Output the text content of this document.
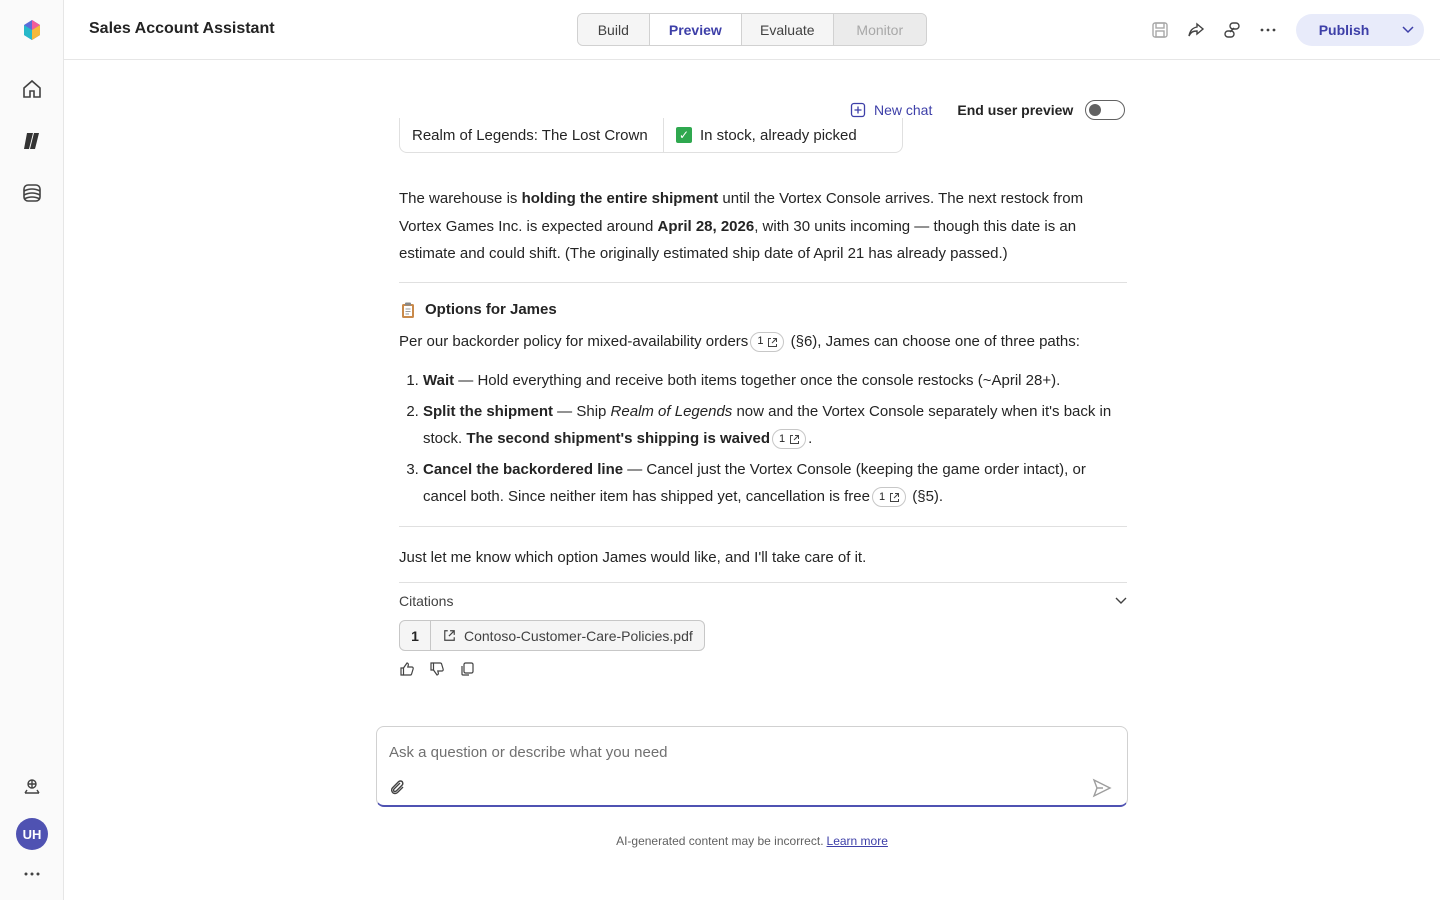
UH
Sales Account Assistant	Build	Preview	Evaluate	Monitor	Publish
New chat End user preview
Realm of Legends: The Lost Crown	✓ In stock, already picked
The warehouse is holding the entire shipment until the Vortex Console arrives. The next restock from Vortex Games Inc. is expected around April 28, 2026, with 30 units incoming — though this date is an estimate and could shift. (The originally estimated ship date of April 21 has already passed.)
Options for James
Per our backorder policy for mixed-availability orders 1 (§6), James can choose one of three paths:
1. Wait — Hold everything and receive both items together once the console restocks (~April 28+).
2. Split the shipment — Ship Realm of Legends now and the Vortex Console separately when it's back in stock. The second shipment's shipping is waived 1 .
3. Cancel the backordered line — Cancel just the Vortex Console (keeping the game order intact), or cancel both. Since neither item has shipped yet, cancellation is free 1 (§5).
Just let me know which option James would like, and I'll take care of it.
Citations
1	Contoso-Customer-Care-Policies.pdf
Ask a question or describe what you need
AI-generated content may be incorrect. Learn more
